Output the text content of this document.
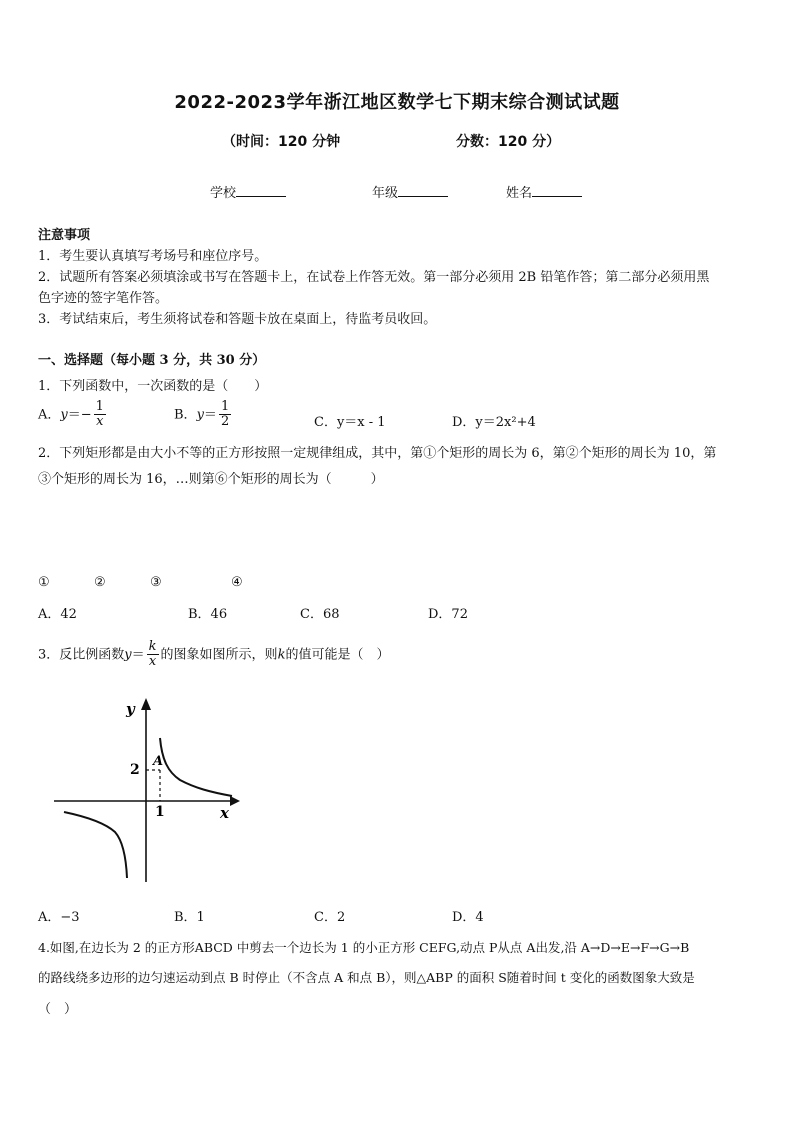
2022-2023学年浙江地区数学七下期末综合测试试题
（时间：120 分钟	分数：120 分）
学校	年级	姓名
注意事项
1．考生要认真填写考场号和座位序号。
2．试题所有答案必须填涂或书写在答题卡上，在试卷上作答无效。第一部分必须用 2B 铅笔作答；第二部分必须用黑
色字迹的签字笔作答。
3．考试结束后，考生须将试卷和答题卡放在桌面上，待监考员收回。
一、选择题（每小题 3 分，共 30 分）
1．下列函数中，一次函数的是（　　）
A．$y=- \frac{1}{x}$	B．$y= \frac{1}{2}$	C．y＝x - 1	D．y＝2x²+4
2．下列矩形都是由大小不等的正方形按照一定规律组成，其中，第①个矩形的周长为 6，第②个矩形的周长为 10，第
③个矩形的周长为 16，…则第⑥个矩形的周长为（　　　）
①	②	③	④
A．42	B．46	C．68	D．72
3．反比例函数$y= \frac{k}{x}$ 的图象如图所示，则k的值可能是（　）
y
x
2
1
A
A．−3	B．1	C．2	D．4
4.如图,在边长为 2 的正方形ABCD 中剪去一个边长为 1 的小正方形 CEFG,动点 P从点 A出发,沿 A→D→E→F→G→B
的路线绕多边形的边匀速运动到点 B 时停止（不含点 A 和点 B），则△ABP 的面积 S随着时间 t 变化的函数图象大致是
（　）
